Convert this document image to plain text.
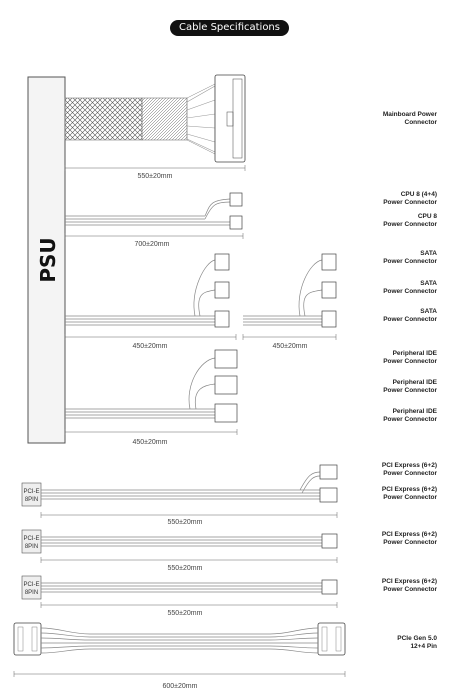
Cable Specifications
PSU
550±20mm
700±20mm
450±20mm	450±20mm
450±20mm
PCI-E
8PIN
550±20mm
PCI-E
8PIN
550±20mm
PCI-E
8PIN
550±20mm
600±20mm
Mainboard Power
Connector
CPU 8 (4+4)
Power Connector
CPU 8
Power Connector
SATA
Power Connector
SATA
Power Connector
SATA
Power Connector
Peripheral IDE
Power Connector
Peripheral IDE
Power Connector
Peripheral IDE
Power Connector
PCI Express (6+2)
Power Connector
PCI Express (6+2)
Power Connector
PCI Express (6+2)
Power Connector
PCI Express (6+2)
Power Connector
PCIe Gen 5.0
12+4 Pin
